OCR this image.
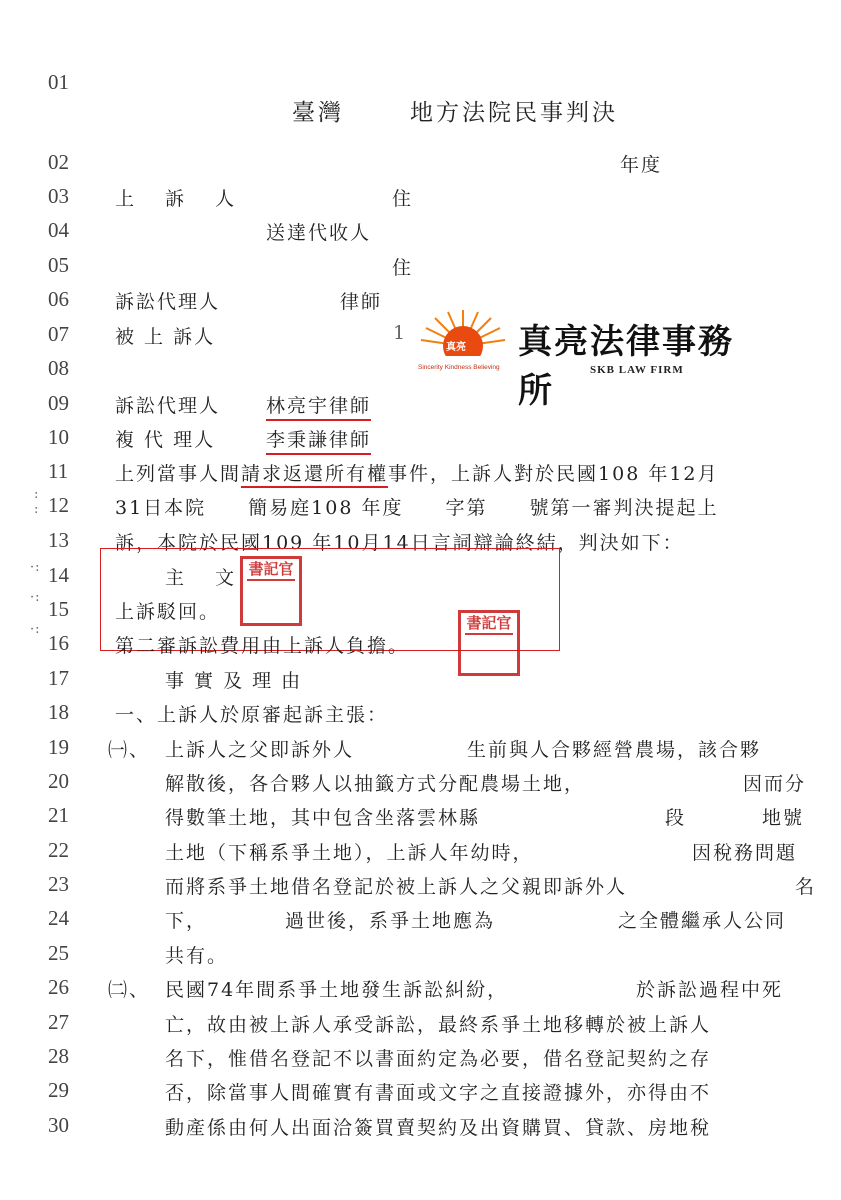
01
02
03
04
05
06
07
08
09
10
11
12
13
14
15
16
17
18
19
20
21
22
23
24
25
26
27
28
29
30
臺灣	地方法院民事判決
年度
上　訴　人	住
送達代收人
住
訴訟代理人	律師
被 上 訴人	1
訴訟代理人 林亮宇律師
複 代 理人	李秉謙律師
上列當事人間請求返還所有權事件，上訴人對於民國108 年12月
31日本院　　簡易庭108 年度　　字第　　號第一審判決提起上
訴，本院於民國109 年10月14日言詞辯論終結，判決如下：
主　文
上訴駁回。
第二審訴訟費用由上訴人負擔。
事 實 及 理 由
一、上訴人於原審起訴主張：
㈠、 上訴人之父即訴外人	生前與人合夥經營農場，該合夥
解散後，各合夥人以抽籤方式分配農場土地，	因而分
得數筆土地，其中包含坐落雲林縣	段	地號
土地（下稱系爭土地），上訴人年幼時，	因稅務問題
而將系爭土地借名登記於被上訴人之父親即訴外人	名
下，	過世後，系爭土地應為	之全體繼承人公同
共有。
㈡、 民國74年間系爭土地發生訴訟糾紛，	於訴訟過程中死
亡，故由被上訴人承受訴訟，最終系爭土地移轉於被上訴人
名下，惟借名登記不以書面約定為必要，借名登記契約之存
否，除當事人間確實有書面或文字之直接證據外，亦得由不
動產係由何人出面洽簽買賣契約及出資購買、貸款、房地稅
書記官
書記官
真亮
Sincerity Kindness Believing
真亮法律事務所
SKB LAW FIRM
:
:
·:
·:
·:
